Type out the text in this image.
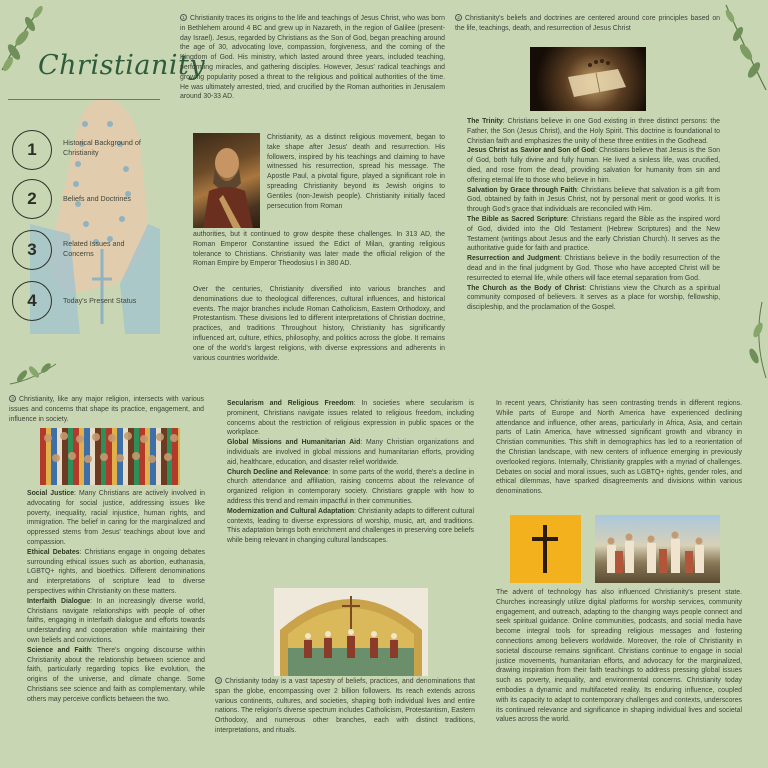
Christianity
1	Historical Background of Christianity
2	Beliefs and Doctrines
3	Related Issues and Concerns
4	Today's Present Status
1 Christianity traces its origins to the life and teachings of Jesus Christ, who was born in Bethlehem around 4 BC and grew up in Nazareth, in the region of Galilee (present-day Israel). Jesus, regarded by Christians as the Son of God, began preaching around the age of 30, advocating love, compassion, forgiveness, and the coming of the Kingdom of God. His ministry, which lasted around three years, included teaching, performing miracles, and gathering disciples. However, Jesus' radical teachings and growing popularity posed a threat to the religious and political authorities of the time. He was ultimately arrested, tried, and crucified by the Roman authorities in Jerusalem around 30-33 AD.
Christianity, as a distinct religious movement, began to take shape after Jesus' death and resurrection. His followers, inspired by his teachings and claiming to have witnessed his resurrection, spread his message. The Apostle Paul, a pivotal figure, played a significant role in spreading Christianity beyond its Jewish origins to Gentiles (non-Jewish people). Christianity initially faced persecution from Roman
authorities, but it continued to grow despite these challenges. In 313 AD, the Roman Emperor Constantine issued the Edict of Milan, granting religious tolerance to Christians. Christianity was later made the official religion of the Roman Empire by Emperor Theodosius I in 380 AD.
Over the centuries, Christianity diversified into various branches and denominations due to theological differences, cultural influences, and historical events. The major branches include Roman Catholicism, Eastern Orthodoxy, and Protestantism. These divisions led to different interpretations of Christian doctrine, practices, and traditions Throughout history, Christianity has significantly influenced art, culture, ethics, philosophy, and politics across the globe. It remains one of the world's largest religions, with diverse expressions and adherents in various countries worldwide.
2 Christianity's beliefs and doctrines are centered around core principles based on the life, teachings, death, and resurrection of Jesus Christ
The Trinity: Christians believe in one God existing in three distinct persons: the Father, the Son (Jesus Christ), and the Holy Spirit. This doctrine is foundational to Christian faith and emphasizes the unity of these three entities in the Godhead.
Jesus Christ as Savior and Son of God: Christians believe that Jesus is the Son of God, both fully divine and fully human. He lived a sinless life, was crucified, died, and rose from the dead, providing salvation for humanity from sin and offering eternal life to those who believe in him.
Salvation by Grace through Faith: Christians believe that salvation is a gift from God, obtained by faith in Jesus Christ, not by personal merit or good works. It is through God's grace that individuals are reconciled with Him.
The Bible as Sacred Scripture: Christians regard the Bible as the inspired word of God, divided into the Old Testament (Hebrew Scriptures) and the New Testament (writings about Jesus and the early Christian Church). It serves as the authoritative guide for faith and practice.
Resurrection and Judgment: Christians believe in the bodily resurrection of the dead and in the final judgment by God. Those who have accepted Christ will be resurrected to eternal life, while others will face eternal separation from God.
The Church as the Body of Christ: Christians view the Church as a spiritual community composed of believers. It serves as a place for worship, fellowship, discipleship, and the proclamation of the Gospel.
3 Christianity, like any major religion, intersects with various issues and concerns that shape its practice, engagement, and influence in society.
Social Justice: Many Christians are actively involved in advocating for social justice, addressing issues like poverty, inequality, racial injustice, human rights, and immigration. The belief in caring for the marginalized and oppressed stems from Jesus' teachings about love and compassion.
Ethical Debates: Christians engage in ongoing debates surrounding ethical issues such as abortion, euthanasia, LGBTQ+ rights, and bioethics. Different denominations and interpretations of scripture lead to diverse perspectives within Christianity on these matters.
Interfaith Dialogue: In an increasingly diverse world, Christians navigate relationships with people of other faiths, engaging in interfaith dialogue and efforts towards understanding and cooperation while maintaining their own beliefs and convictions.
Science and Faith: There's ongoing discourse within Christianity about the relationship between science and faith, particularly regarding topics like evolution, the origins of the universe, and climate change. Some Christians see science and faith as complementary, while others may perceive conflicts between the two.
Secularism and Religious Freedom: In societies where secularism is prominent, Christians navigate issues related to religious freedom, including concerns about the restriction of religious expression in public spaces or the workplace.
Global Missions and Humanitarian Aid: Many Christian organizations and individuals are involved in global missions and humanitarian efforts, providing aid, healthcare, education, and disaster relief worldwide.
Church Decline and Relevance: In some parts of the world, there's a decline in church attendance and affiliation, raising concerns about the relevance of organized religion in contemporary society. Christians grapple with how to address this trend and remain impactful in their communities.
Modernization and Cultural Adaptation: Christianity adapts to different cultural contexts, leading to diverse expressions of worship, music, art, and traditions. This adaptation brings both enrichment and challenges in preserving core beliefs while being relevant in changing cultural landscapes.
4 Christianity today is a vast tapestry of beliefs, practices, and denominations that span the globe, encompassing over 2 billion followers. Its reach extends across various continents, cultures, and societies, shaping both individual lives and entire nations. The religion's diverse spectrum includes Catholicism, Protestantism, Eastern Orthodoxy, and numerous other branches, each with distinct traditions, interpretations, and rituals.
In recent years, Christianity has seen contrasting trends in different regions. While parts of Europe and North America have experienced declining attendance and influence, other areas, particularly in Africa, Asia, and certain parts of Latin America, have witnessed significant growth and vibrancy in Christian communities. This shift in demographics has led to a reorientation of the Christian landscape, with new centers of influence emerging in previously overlooked regions. Internally, Christianity grapples with a myriad of challenges. Debates on social and moral issues, such as LGBTQ+ rights, gender roles, and ethical dilemmas, have sparked disagreements and divisions within various denominations.
The advent of technology has also influenced Christianity's present state. Churches increasingly utilize digital platforms for worship services, community engagement, and outreach, adapting to the changing ways people connect and seek spiritual guidance. Online communities, podcasts, and social media have become integral tools for spreading religious messages and fostering connections among believers worldwide. Moreover, the role of Christianity in societal discourse remains significant. Christians continue to engage in social justice movements, humanitarian efforts, and advocacy for the marginalized, drawing inspiration from their faith teachings to address pressing global issues such as poverty, inequality, and environmental concerns. Christianity today embodies a dynamic and multifaceted reality. Its enduring influence, coupled with its capacity to adapt to contemporary challenges and contexts, underscores its continued relevance and significance in shaping individual lives and societal values across the world.
